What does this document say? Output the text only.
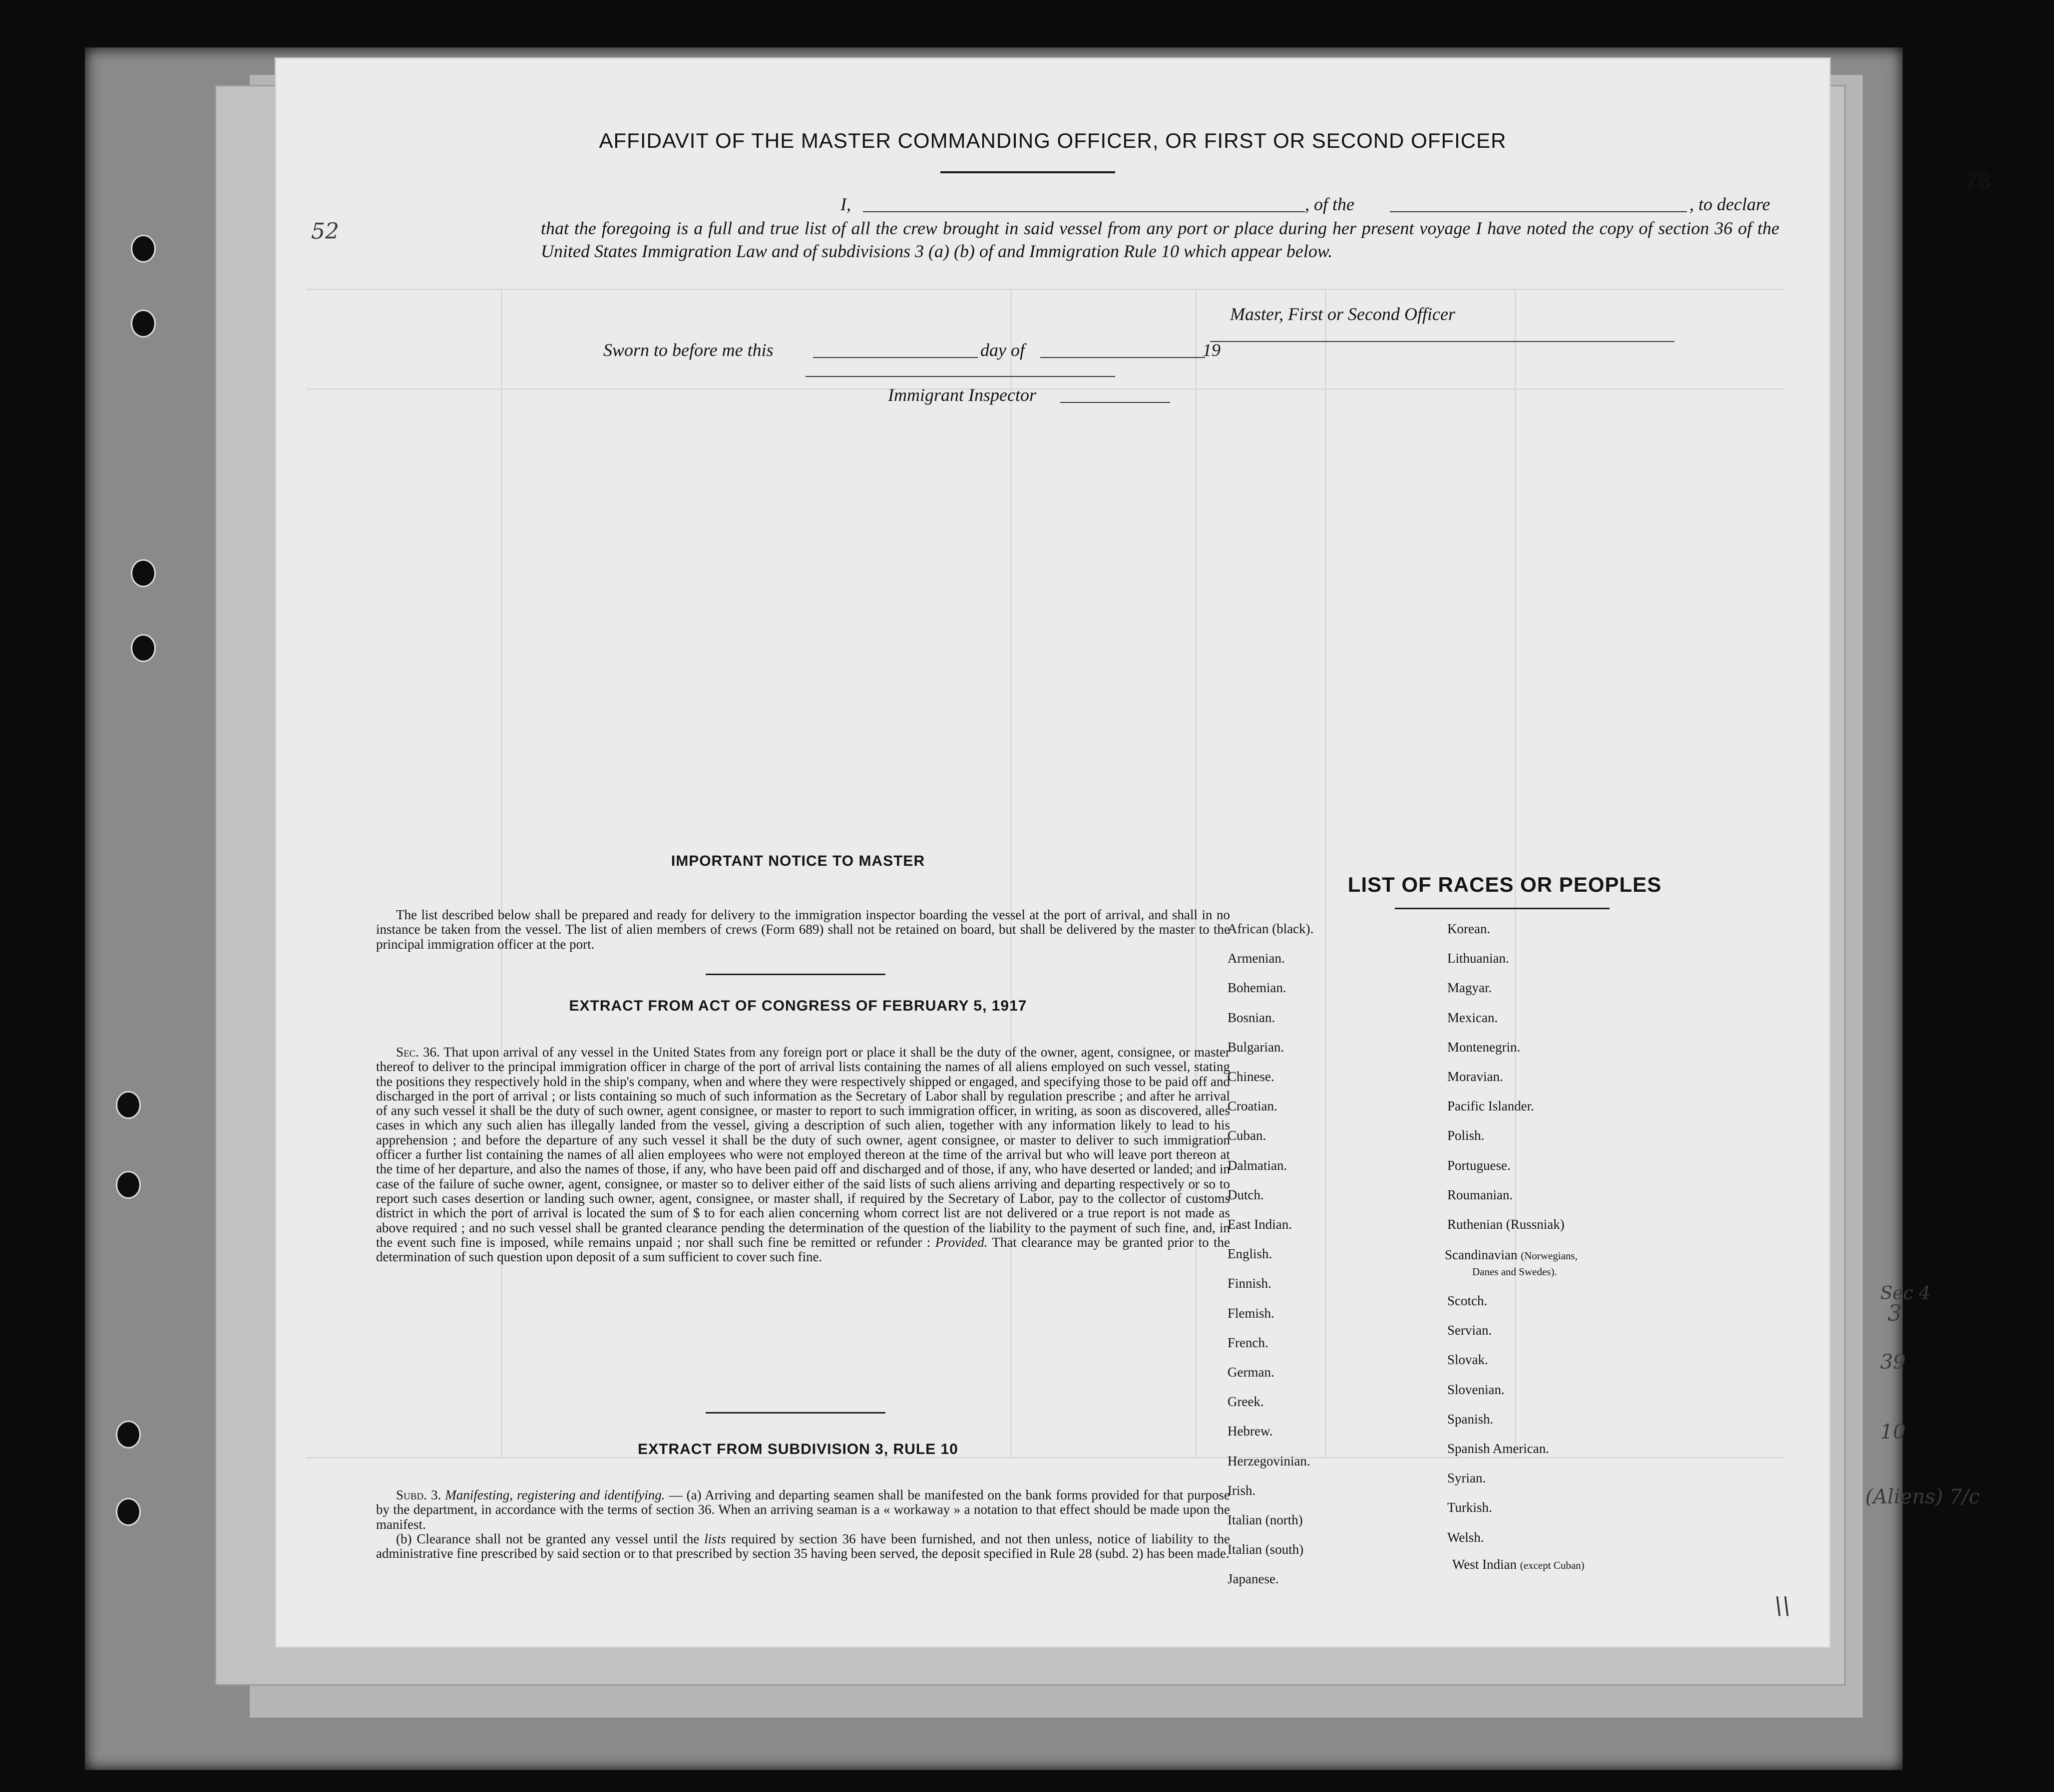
78
Sec 4
3
39
10
(Aliens) 7/c
52
\\
AFFIDAVIT OF THE MASTER COMMANDING OFFICER, OR FIRST OR SECOND OFFICER
I,	, of the	, to declare
that the foregoing is a full and true list of all the crew brought in said vessel from any port or place during her present voyage I have noted the copy of section 36 of the United States Immigration Law and of subdivisions 3 (a) (b) of and Immigration Rule 10 which appear below.
Master, First or Second Officer
Sworn to before me this	day of	19
Immigrant Inspector
IMPORTANT NOTICE TO MASTER
The list described below shall be prepared and ready for delivery to the immigration inspector boarding the vessel at the port of arrival, and shall in no instance be taken from the vessel. The list of alien members of crews (Form 689) shall not be retained on board, but shall be delivered by the master to the principal immigration officer at the port.
EXTRACT FROM ACT OF CONGRESS OF FEBRUARY 5, 1917
Sec. 36. That upon arrival of any vessel in the United States from any foreign port or place it shall be the duty of the owner, agent, consignee, or master thereof to deliver to the principal immigration officer in charge of the port of arrival lists containing the names of all aliens employed on such vessel, stating the positions they respectively hold in the ship's company, when and where they were respectively shipped or engaged, and specifying those to be paid off and discharged in the port of arrival ; or lists containing so much of such information as the Secretary of Labor shall by regulation prescribe ; and after he arrival of any such vessel it shall be the duty of such owner, agent consignee, or master to report to such immigration officer, in writing, as soon as discovered, alles cases in which any such alien has illegally landed from the vessel, giving a description of such alien, together with any information likely to lead to his apprehension ; and before the departure of any such vessel it shall be the duty of such owner, agent consignee, or master to deliver to such immigration officer a further list containing the names of all alien employees who were not employed thereon at the time of the arrival but who will leave port thereon at the time of her departure, and also the names of those, if any, who have been paid off and discharged and of those, if any, who have deserted or landed; and in case of the failure of suche owner, agent, consignee, or master so to deliver either of the said lists of such aliens arriving and departing respectively or so to report such cases desertion or landing such owner, agent, consignee, or master shall, if required by the Secretary of Labor, pay to the collector of customs district in which the port of arrival is located the sum of $ to for each alien concerning whom correct list are not delivered or a true report is not made as above required ; and no such vessel shall be granted clearance pending the determination of the question of the liability to the payment of such fine, and, in the event such fine is imposed, while remains unpaid ; nor shall such fine be remitted or refunder : Provided. That clearance may be granted prior to the determination of such question upon deposit of a sum sufficient to cover such fine.
EXTRACT FROM SUBDIVISION 3, RULE 10
Subd. 3. Manifesting, registering and identifying. — (a) Arriving and departing seamen shall be manifested on the bank forms provided for that purpose by the department, in accordance with the terms of section 36. When an arriving seaman is a « workaway » a notation to that effect should be made upon the manifest.
(b) Clearance shall not be granted any vessel until the lists required by section 36 have been furnished, and not then unless, notice of liability to the administrative fine prescribed by said section or to that prescribed by section 35 having been served, the deposit specified in Rule 28 (subd. 2) has been made.
LIST OF RACES OR PEOPLES
Scandinavian (Norwegians,
Danes and Swedes).
West Indian (except Cuban)
African (black).
Armenian.
Bohemian.
Bosnian.
Bulgarian.
Chinese.
Croatian.
Cuban.
Dalmatian.
Dutch.
East Indian.
English.
Finnish.
Flemish.
French.
German.
Greek.
Hebrew.
Herzegovinian.
Irish.
Italian (north)
Italian (south)
Japanese.
Korean.
Lithuanian.
Magyar.
Mexican.
Montenegrin.
Moravian.
Pacific Islander.
Polish.
Portuguese.
Roumanian.
Ruthenian (Russniak)
Scotch.
Servian.
Slovak.
Slovenian.
Spanish.
Spanish American.
Syrian.
Turkish.
Welsh.
